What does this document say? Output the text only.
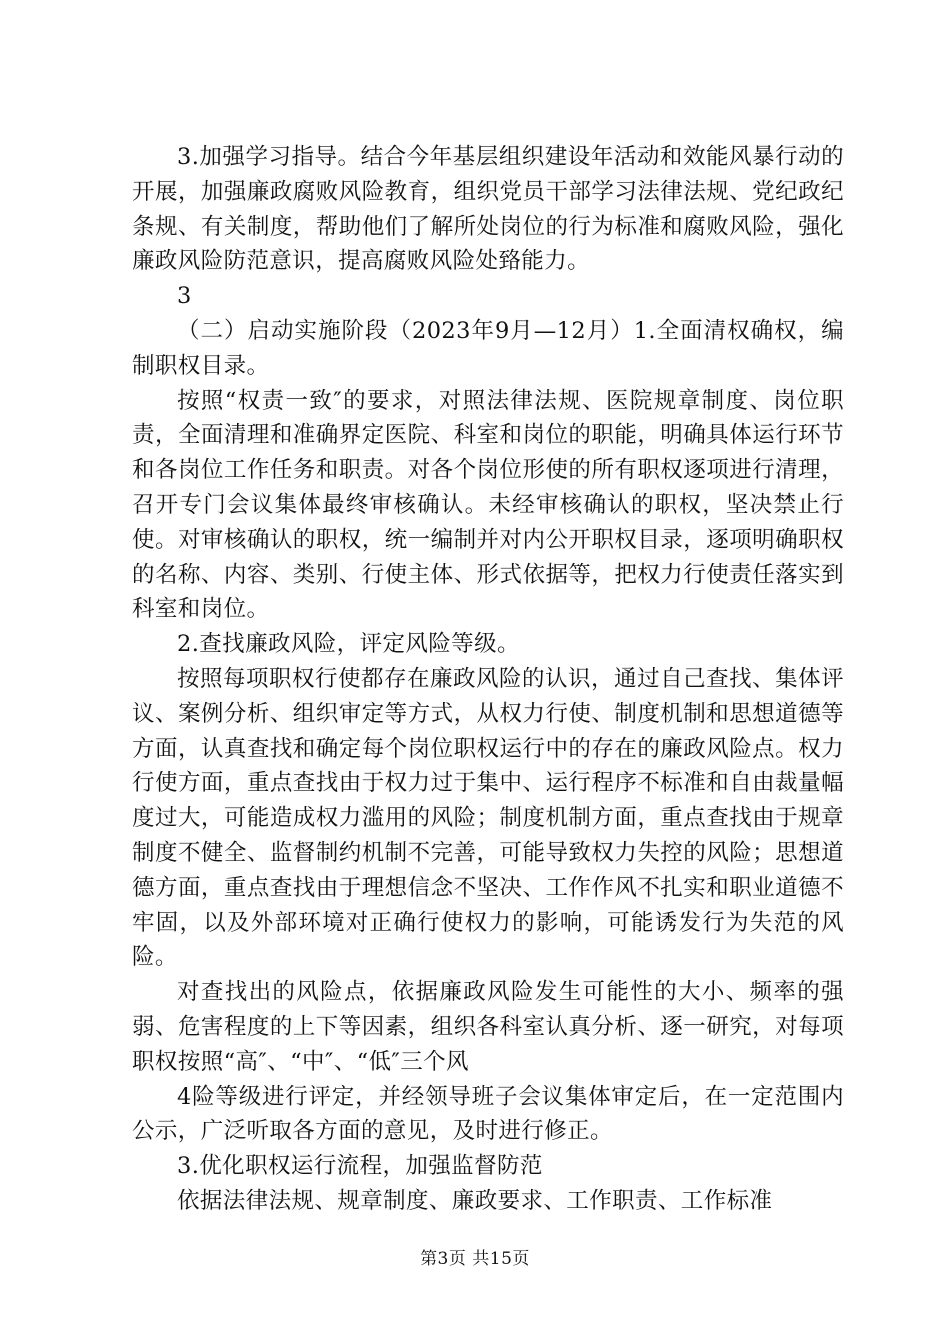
3.加强学习指导。结合今年基层组织建设年活动和效能风暴行动的开展，加强廉政腐败风险教育，组织党员干部学习法律法规、党纪政纪条规、有关制度，帮助他们了解所处岗位的行为标准和腐败风险，强化廉政风险防范意识，提高腐败风险处臵能力。

3

（二）启动实施阶段（2023年9月—12月）1.全面清权确权，编制职权目录。

按照“权责一致″的要求，对照法律法规、医院规章制度、岗位职责，全面清理和准确界定医院、科室和岗位的职能，明确具体运行环节和各岗位工作任务和职责。对各个岗位形使的所有职权逐项进行清理，召开专门会议集体最终审核确认。未经审核确认的职权，坚决禁止行使。对审核确认的职权，统一编制并对内公开职权目录，逐项明确职权的名称、内容、类别、行使主体、形式依据等，把权力行使责任落实到科室和岗位。

2.查找廉政风险，评定风险等级。

按照每项职权行使都存在廉政风险的认识，通过自己查找、集体评议、案例分析、组织审定等方式，从权力行使、制度机制和思想道德等方面，认真查找和确定每个岗位职权运行中的存在的廉政风险点。权力行使方面，重点查找由于权力过于集中、运行程序不标准和自由裁量幅度过大，可能造成权力滥用的风险；制度机制方面，重点查找由于规章制度不健全、监督制约机制不完善，可能导致权力失控的风险；思想道德方面，重点查找由于理想信念不坚决、工作作风不扎实和职业道德不牢固，以及外部环境对正确行使权力的影响，可能诱发行为失范的风险。

对查找出的风险点，依据廉政风险发生可能性的大小、频率的强弱、危害程度的上下等因素，组织各科室认真分析、逐一研究，对每项职权按照“高″、“中″、“低″三个风

4险等级进行评定，并经领导班子会议集体审定后，在一定范围内公示，广泛听取各方面的意见，及时进行修正。

3.优化职权运行流程，加强监督防范

依据法律法规、规章制度、廉政要求、工作职责、工作标准

第3页 共15页
